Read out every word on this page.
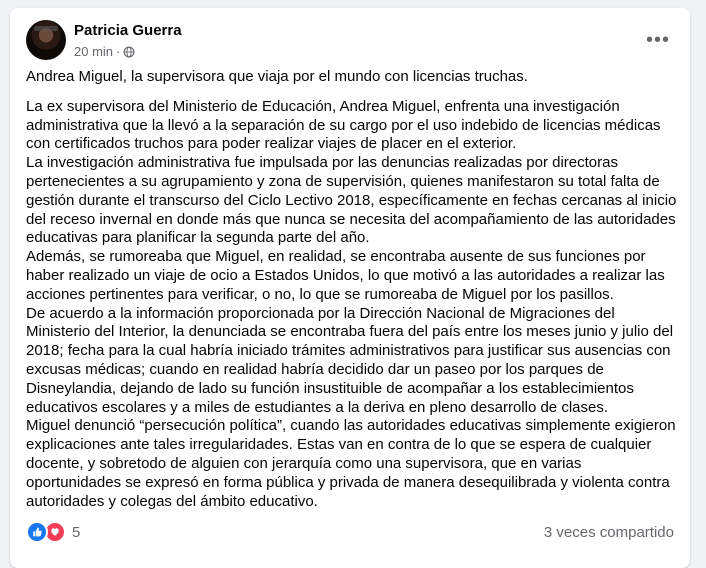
Patricia Guerra
20 min ·
•••

Andrea Miguel, la supervisora que viaja por el mundo con licencias truchas.

La ex supervisora del Ministerio de Educación, Andrea Miguel, enfrenta una investigación

administrativa que la llevó a la separación de su cargo por el uso indebido de licencias médicas

con certificados truchos para poder realizar viajes de placer en el exterior.

La investigación administrativa fue impulsada por las denuncias realizadas por directoras

pertenecientes a su agrupamiento y zona de supervisión, quienes manifestaron su total falta de

gestión durante el transcurso del Ciclo Lectivo 2018, específicamente en fechas cercanas al inicio

del receso invernal en donde más que nunca se necesita del acompañamiento de las autoridades

educativas para planificar la segunda parte del año.

Además, se rumoreaba que Miguel, en realidad, se encontraba ausente de sus funciones por

haber realizado un viaje de ocio a Estados Unidos, lo que motivó a las autoridades a realizar las

acciones pertinentes para verificar, o no, lo que se rumoreaba de Miguel por los pasillos.

De acuerdo a la información proporcionada por la Dirección Nacional de Migraciones del

Ministerio del Interior, la denunciada se encontraba fuera del país entre los meses junio y julio del

2018; fecha para la cual habría iniciado trámites administrativos para justificar sus ausencias con

excusas médicas; cuando en realidad habría decidido dar un paseo por los parques de

Disneylandia, dejando de lado su función insustituible de acompañar a los establecimientos

educativos escolares y a miles de estudiantes a la deriva en pleno desarrollo de clases.

Miguel denunció “persecución política”, cuando las autoridades educativas simplemente exigieron

explicaciones ante tales irregularidades. Estas van en contra de lo que se espera de cualquier

docente, y sobretodo de alguien con jerarquía como una supervisora, que en varias

oportunidades se expresó en forma pública y privada de manera desequilibrada y violenta contra

autoridades y colegas del ámbito educativo.

5	3 veces compartido
